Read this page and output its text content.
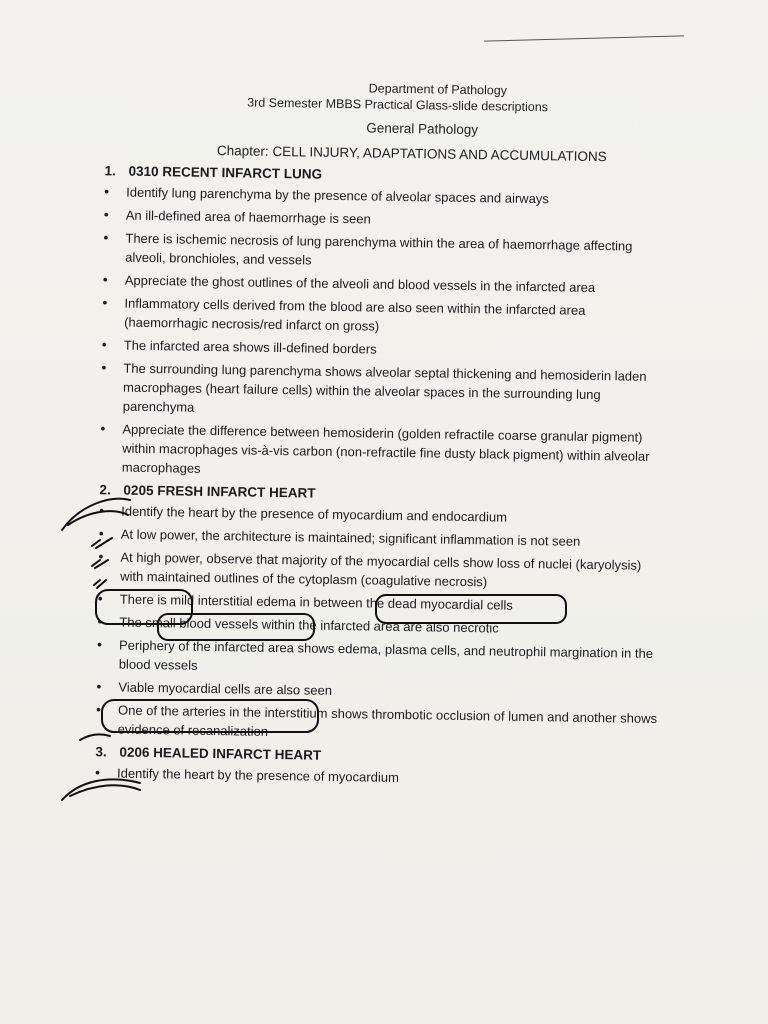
Department of Pathology
3rd Semester MBBS Practical Glass-slide descriptions
General Pathology
Chapter: CELL INJURY, ADAPTATIONS AND ACCUMULATIONS
1. 0310 RECENT INFARCT LUNG
• Identify lung parenchyma by the presence of alveolar spaces and airways
• An ill-defined area of haemorrhage is seen
• There is ischemic necrosis of lung parenchyma within the area of haemorrhage affecting alveoli, bronchioles, and vessels
• Appreciate the ghost outlines of the alveoli and blood vessels in the infarcted area
• Inflammatory cells derived from the blood are also seen within the infarcted area (haemorrhagic necrosis/red infarct on gross)
• The infarcted area shows ill-defined borders
• The surrounding lung parenchyma shows alveolar septal thickening and hemosiderin laden macrophages (heart failure cells) within the alveolar spaces in the surrounding lung parenchyma
• Appreciate the difference between hemosiderin (golden refractile coarse granular pigment) within macrophages vis-à-vis carbon (non-refractile fine dusty black pigment) within alveolar macrophages
2. 0205 FRESH INFARCT HEART
• Identify the heart by the presence of myocardium and endocardium
• At low power, the architecture is maintained; significant inflammation is not seen
• At high power, observe that majority of the myocardial cells show loss of nuclei (karyolysis) with maintained outlines of the cytoplasm (coagulative necrosis)
• There is mild interstitial edema in between the dead myocardial cells
• The small blood vessels within the infarcted area are also necrotic
• Periphery of the infarcted area shows edema, plasma cells, and neutrophil margination in the blood vessels
• Viable myocardial cells are also seen
• One of the arteries in the interstitium shows thrombotic occlusion of lumen and another shows evidence of recanalization
3. 0206 HEALED INFARCT HEART
• Identify the heart by the presence of myocardium
